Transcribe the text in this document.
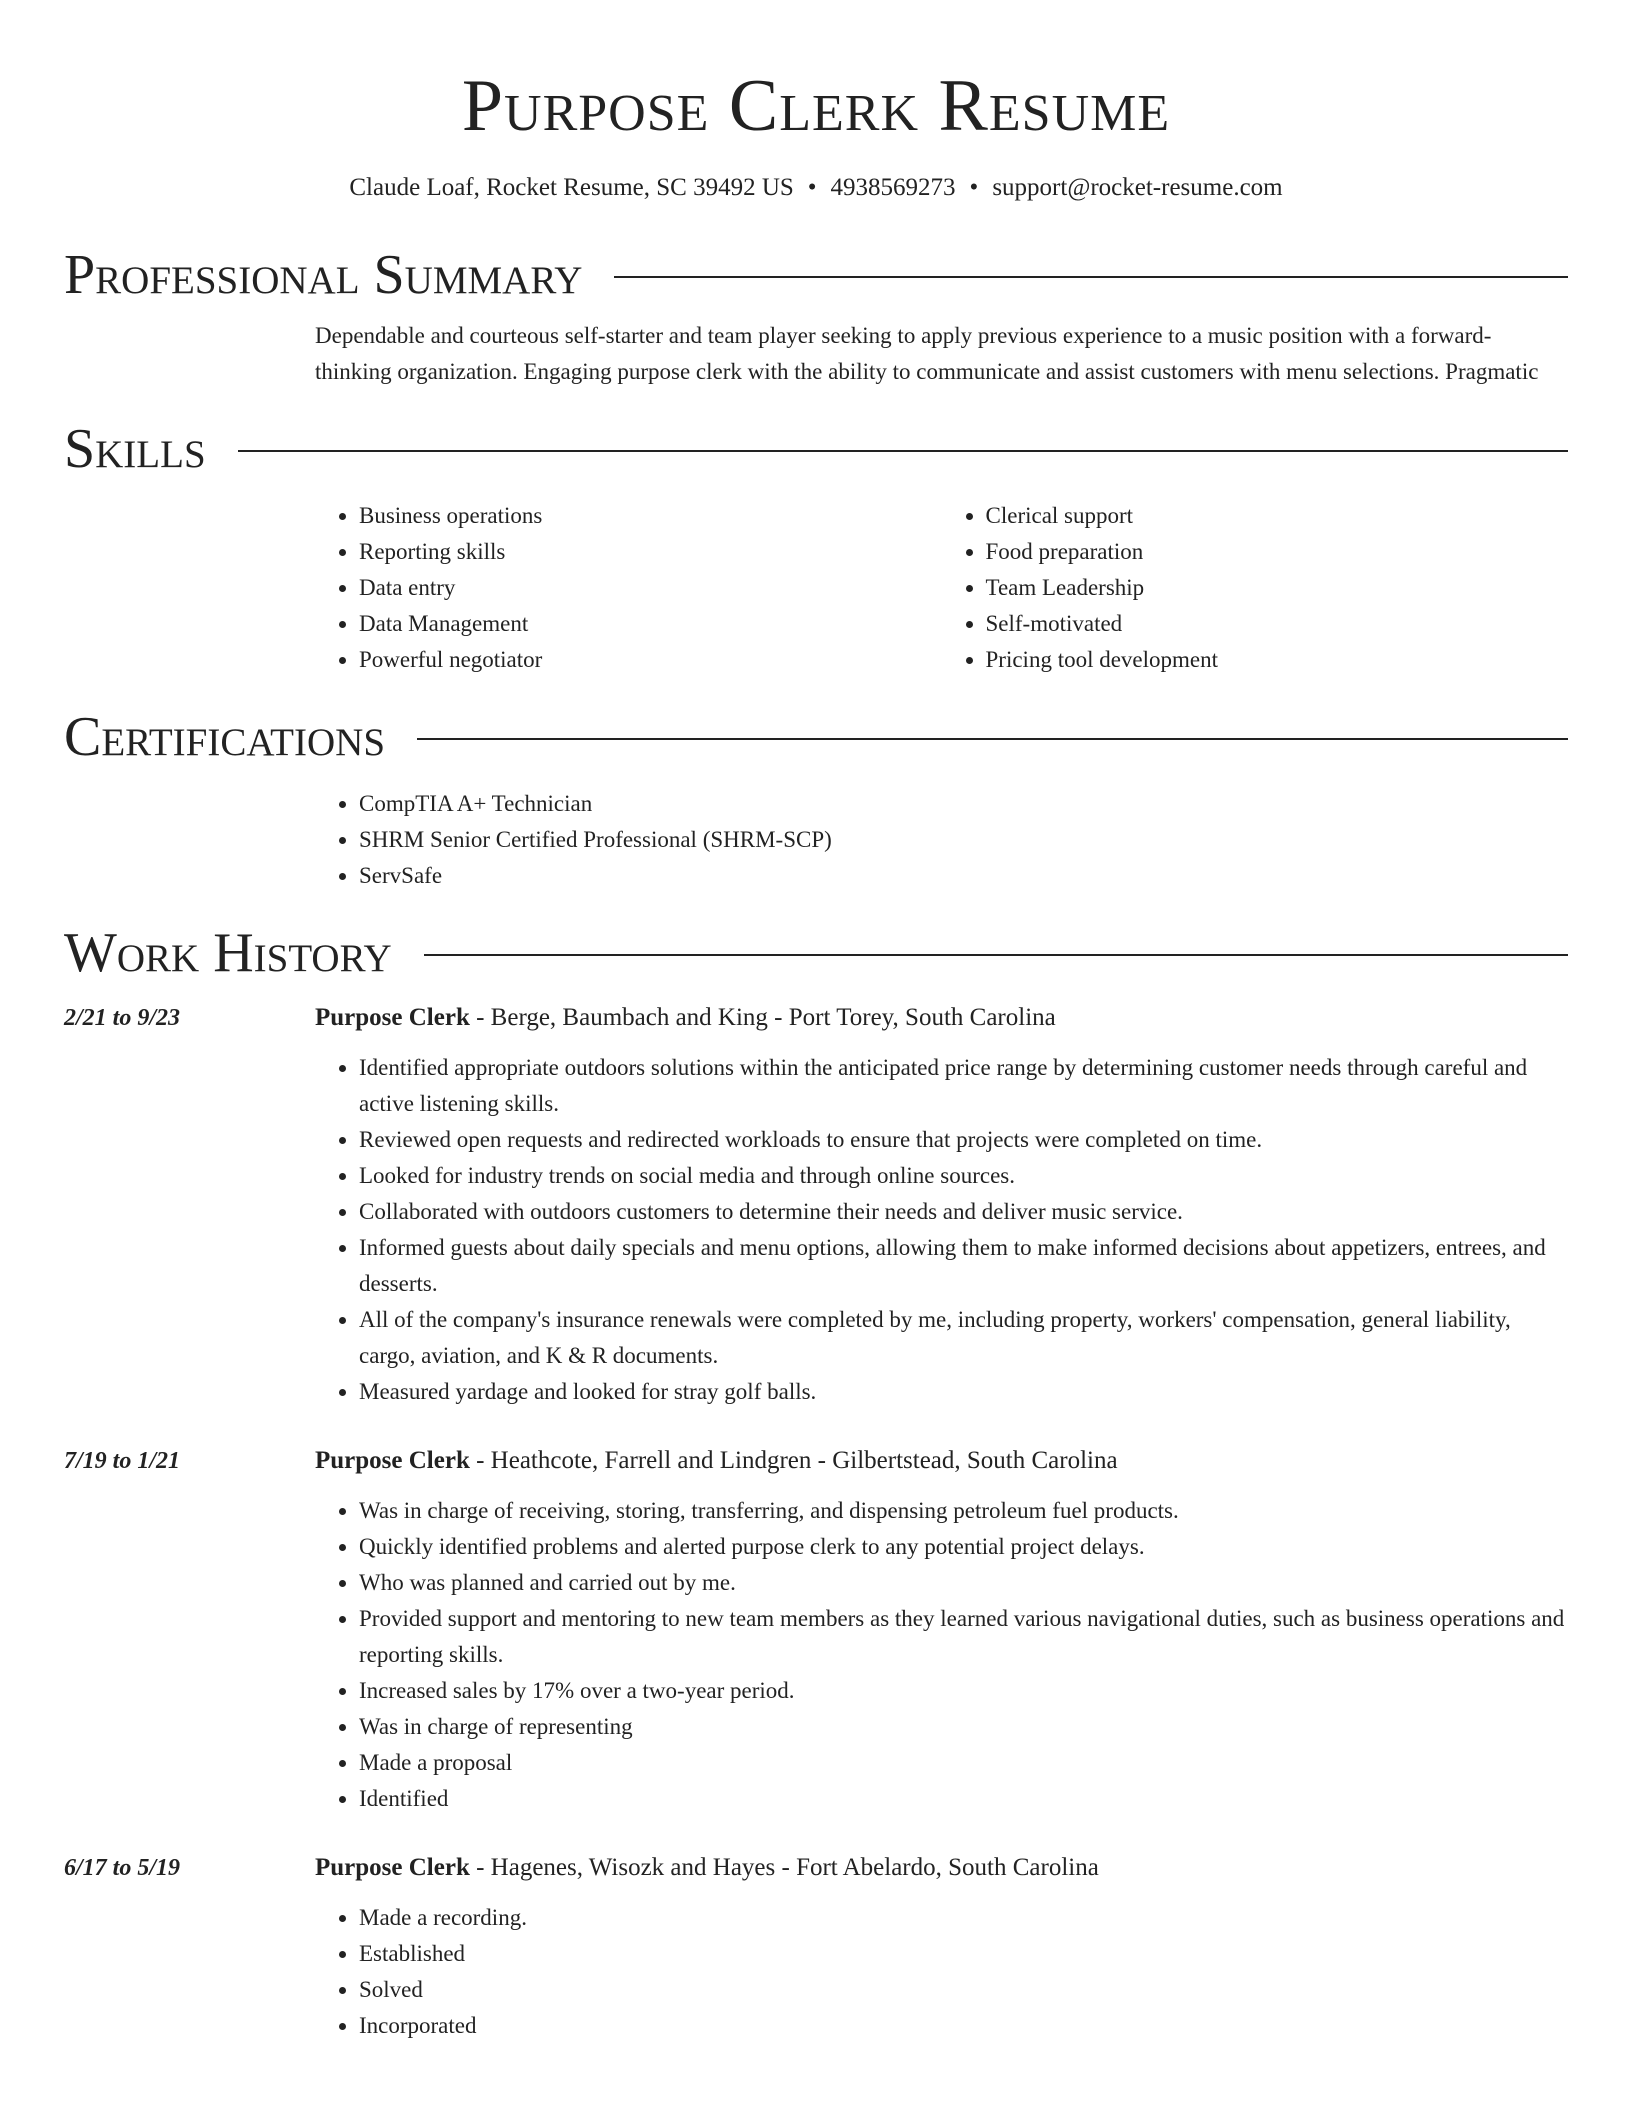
Purpose Clerk Resume
Claude Loaf, Rocket Resume, SC 39492 US • 4938569273 • support@rocket-resume.com
Professional Summary

Dependable and courteous self-starter and team player seeking to apply previous experience to a music position with a forward-thinking organization. Engaging purpose clerk with the ability to communicate and assist customers with menu selections. Pragmatic

Skills
• Business operations
• Reporting skills
• Data entry
• Data Management
• Powerful negotiator
• Clerical support
• Food preparation
• Team Leadership
• Self-motivated
• Pricing tool development
Certifications
• CompTIA A+ Technician
• SHRM Senior Certified Professional (SHRM-SCP)
• ServSafe
Work History
2/21 to 9/23	Purpose Clerk - Berge, Baumbach and King - Port Torey, South Carolina
• Identified appropriate outdoors solutions within the anticipated price range by determining customer needs through careful and active listening skills.
• Reviewed open requests and redirected workloads to ensure that projects were completed on time.
• Looked for industry trends on social media and through online sources.
• Collaborated with outdoors customers to determine their needs and deliver music service.
• Informed guests about daily specials and menu options, allowing them to make informed decisions about appetizers, entrees, and desserts.
• All of the company's insurance renewals were completed by me, including property, workers' compensation, general liability, cargo, aviation, and K & R documents.
• Measured yardage and looked for stray golf balls.
7/19 to 1/21	Purpose Clerk - Heathcote, Farrell and Lindgren - Gilbertstead, South Carolina
• Was in charge of receiving, storing, transferring, and dispensing petroleum fuel products.
• Quickly identified problems and alerted purpose clerk to any potential project delays.
• Who was planned and carried out by me.
• Provided support and mentoring to new team members as they learned various navigational duties, such as business operations and reporting skills.
• Increased sales by 17% over a two-year period.
• Was in charge of representing
• Made a proposal
• Identified
6/17 to 5/19	Purpose Clerk - Hagenes, Wisozk and Hayes - Fort Abelardo, South Carolina
• Made a recording.
• Established
• Solved
• Incorporated
